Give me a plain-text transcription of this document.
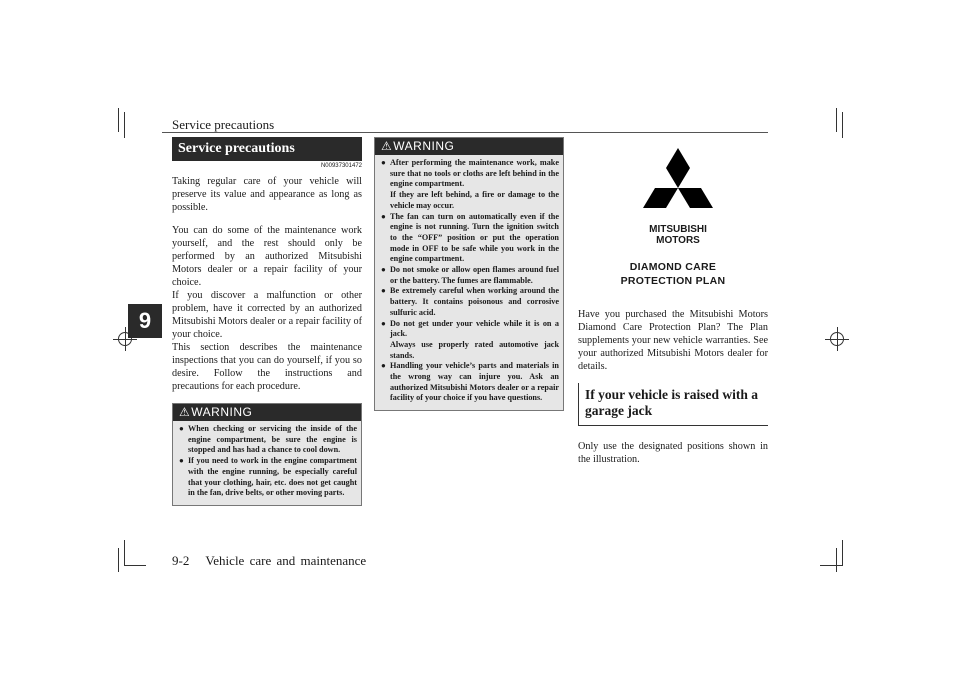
Service precautions
9
Service precautions
N00937301472

Taking regular care of your vehicle will preserve its value and appearance as long as possible.

You can do some of the maintenance work yourself, and the rest should only be performed by an authorized Mitsubishi Motors dealer or a repair facility of your choice.

If you discover a malfunction or other problem, have it corrected by an authorized Mitsubishi Motors dealer or a repair facility of your choice.

This section describes the maintenance inspections that you can do yourself, if you so desire. Follow the instructions and precautions for each procedure.

⚠WARNING
● When checking or servicing the inside of the engine compartment, be sure the engine is stopped and has had a chance to cool down.
● If you need to work in the engine compartment with the engine running, be especially careful that your clothing, hair, etc. does not get caught in the fan, drive belts, or other moving parts.
⚠WARNING
● After performing the maintenance work, make sure that no tools or cloths are left behind in the engine compartment.
If they are left behind, a fire or damage to the vehicle may occur.
● The fan can turn on automatically even if the engine is not running. Turn the ignition switch to the “OFF” position or put the operation mode in OFF to be safe while you work in the engine compartment.
● Do not smoke or allow open flames around fuel or the battery. The fumes are flammable.
● Be extremely careful when working around the battery. It contains poisonous and corrosive sulfuric acid.
● Do not get under your vehicle while it is on a jack.
Always use properly rated automotive jack stands.
● Handling your vehicle’s parts and materials in the wrong way can injure you. Ask an authorized Mitsubishi Motors dealer or a repair facility of your choice if you have questions.
MITSUBISHI
MOTORS
DIAMOND CARE
PROTECTION PLAN

Have you purchased the Mitsubishi Motors Diamond Care Protection Plan? The Plan supplements your new vehicle warranties. See your authorized Mitsubishi Motors dealer for details.

If your vehicle is raised with a garage jack

Only use the designated positions shown in the illustration.

9-2 Vehicle care and maintenance
